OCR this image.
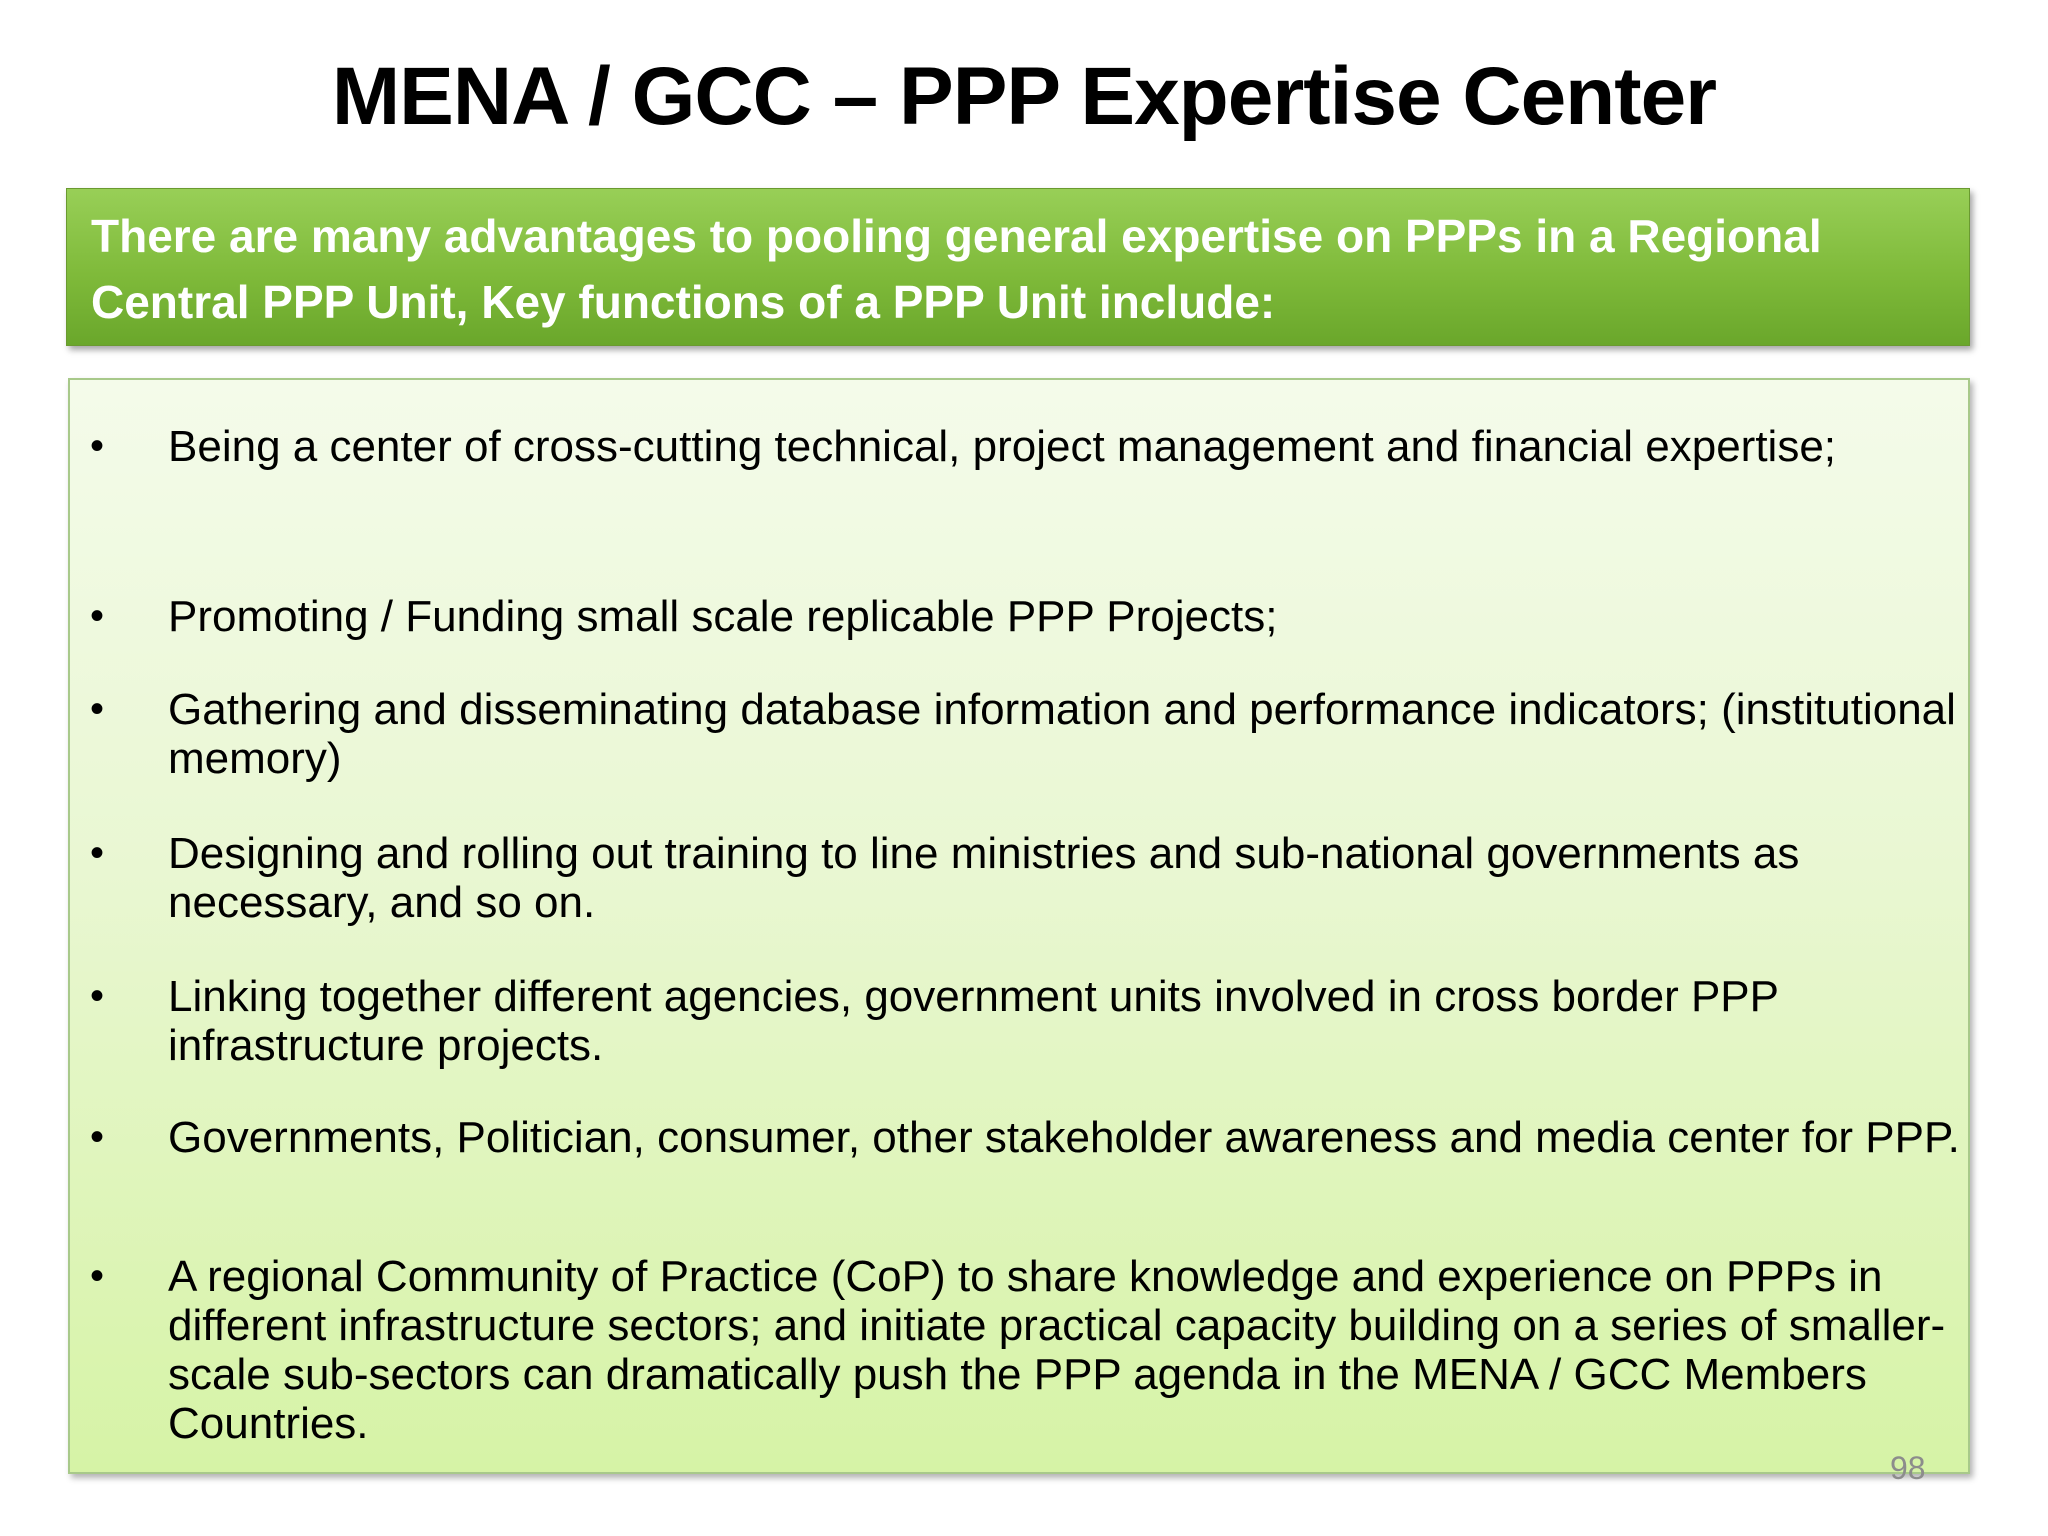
MENA / GCC – PPP Expertise Center
There are many advantages to pooling general expertise on PPPs in a Regional Central PPP Unit, Key functions of a PPP Unit include:
• Being a center of cross-cutting technical, project management and financial expertise;
• Promoting / Funding small scale replicable PPP Projects;
• Gathering and disseminating database information and performance indicators; (institutional memory)
• Designing and rolling out training to line ministries and sub-national governments as necessary, and so on.
• Linking together different agencies, government units involved in cross border PPP infrastructure projects.
• Governments, Politician, consumer, other stakeholder awareness and media center for PPP.
• A regional Community of Practice (CoP) to share knowledge and experience on PPPs in different infrastructure sectors; and initiate practical capacity building on a series of smaller-scale sub-sectors can dramatically push the PPP agenda in the MENA / GCC Members Countries.
98
